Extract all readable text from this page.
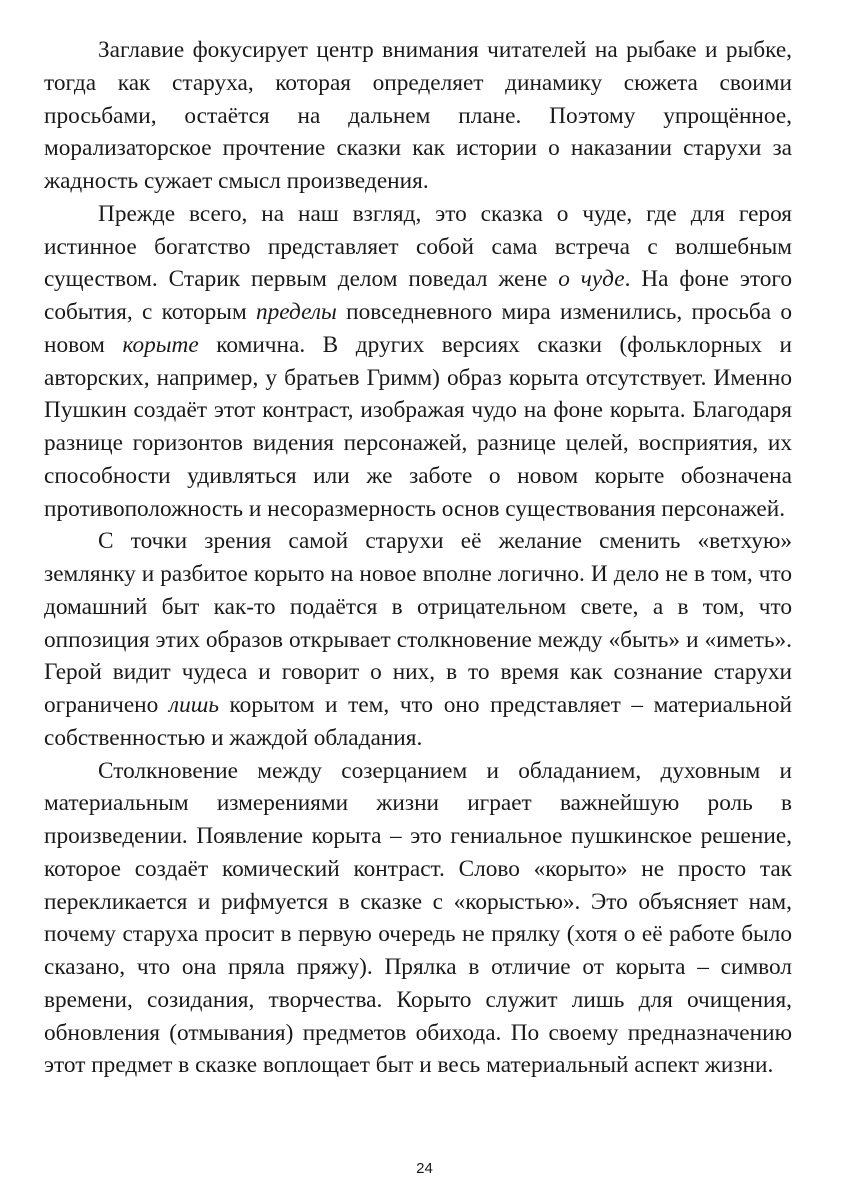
Заглавие фокусирует центр внимания читателей на рыбаке и рыбке, тогда как старуха, которая определяет динамику сюжета своими просьбами, остаётся на дальнем плане. Поэтому упрощённое, морализаторское прочтение сказки как истории о наказании старухи за жадность сужает смысл произведения.

Прежде всего, на наш взгляд, это сказка о чуде, где для героя истинное богатство представляет собой сама встреча с волшебным существом. Старик первым делом поведал жене о чуде. На фоне этого события, с которым пределы повседневного мира изменились, просьба о новом корыте комична. В других версиях сказки (фольклорных и авторских, например, у братьев Гримм) образ корыта отсутствует. Именно Пушкин создаёт этот контраст, изображая чудо на фоне корыта. Благодаря разнице горизонтов видения персонажей, разнице целей, восприятия, их способности удивляться или же заботе о новом корыте обозначена противоположность и несоразмерность основ существования персонажей.

С точки зрения самой старухи её желание сменить «ветхую» землянку и разбитое корыто на новое вполне логично. И дело не в том, что домашний быт как-то подаётся в отрицательном свете, а в том, что оппозиция этих образов открывает столкновение между «быть» и «иметь». Герой видит чудеса и говорит о них, в то время как сознание старухи ограничено лишь корытом и тем, что оно представляет – материальной собственностью и жаждой обладания.

Столкновение между созерцанием и обладанием, духовным и материальным измерениями жизни играет важнейшую роль в произведении. Появление корыта – это гениальное пушкинское решение, которое создаёт комический контраст. Слово «корыто» не просто так перекликается и рифмуется в сказке с «корыстью». Это объясняет нам, почему старуха просит в первую очередь не прялку (хотя о её работе было сказано, что она пряла пряжу). Прялка в отличие от корыта – символ времени, созидания, творчества. Корыто служит лишь для очищения, обновления (отмывания) предметов обихода. По своему предназначению этот предмет в сказке воплощает быт и весь материальный аспект жизни.

24
